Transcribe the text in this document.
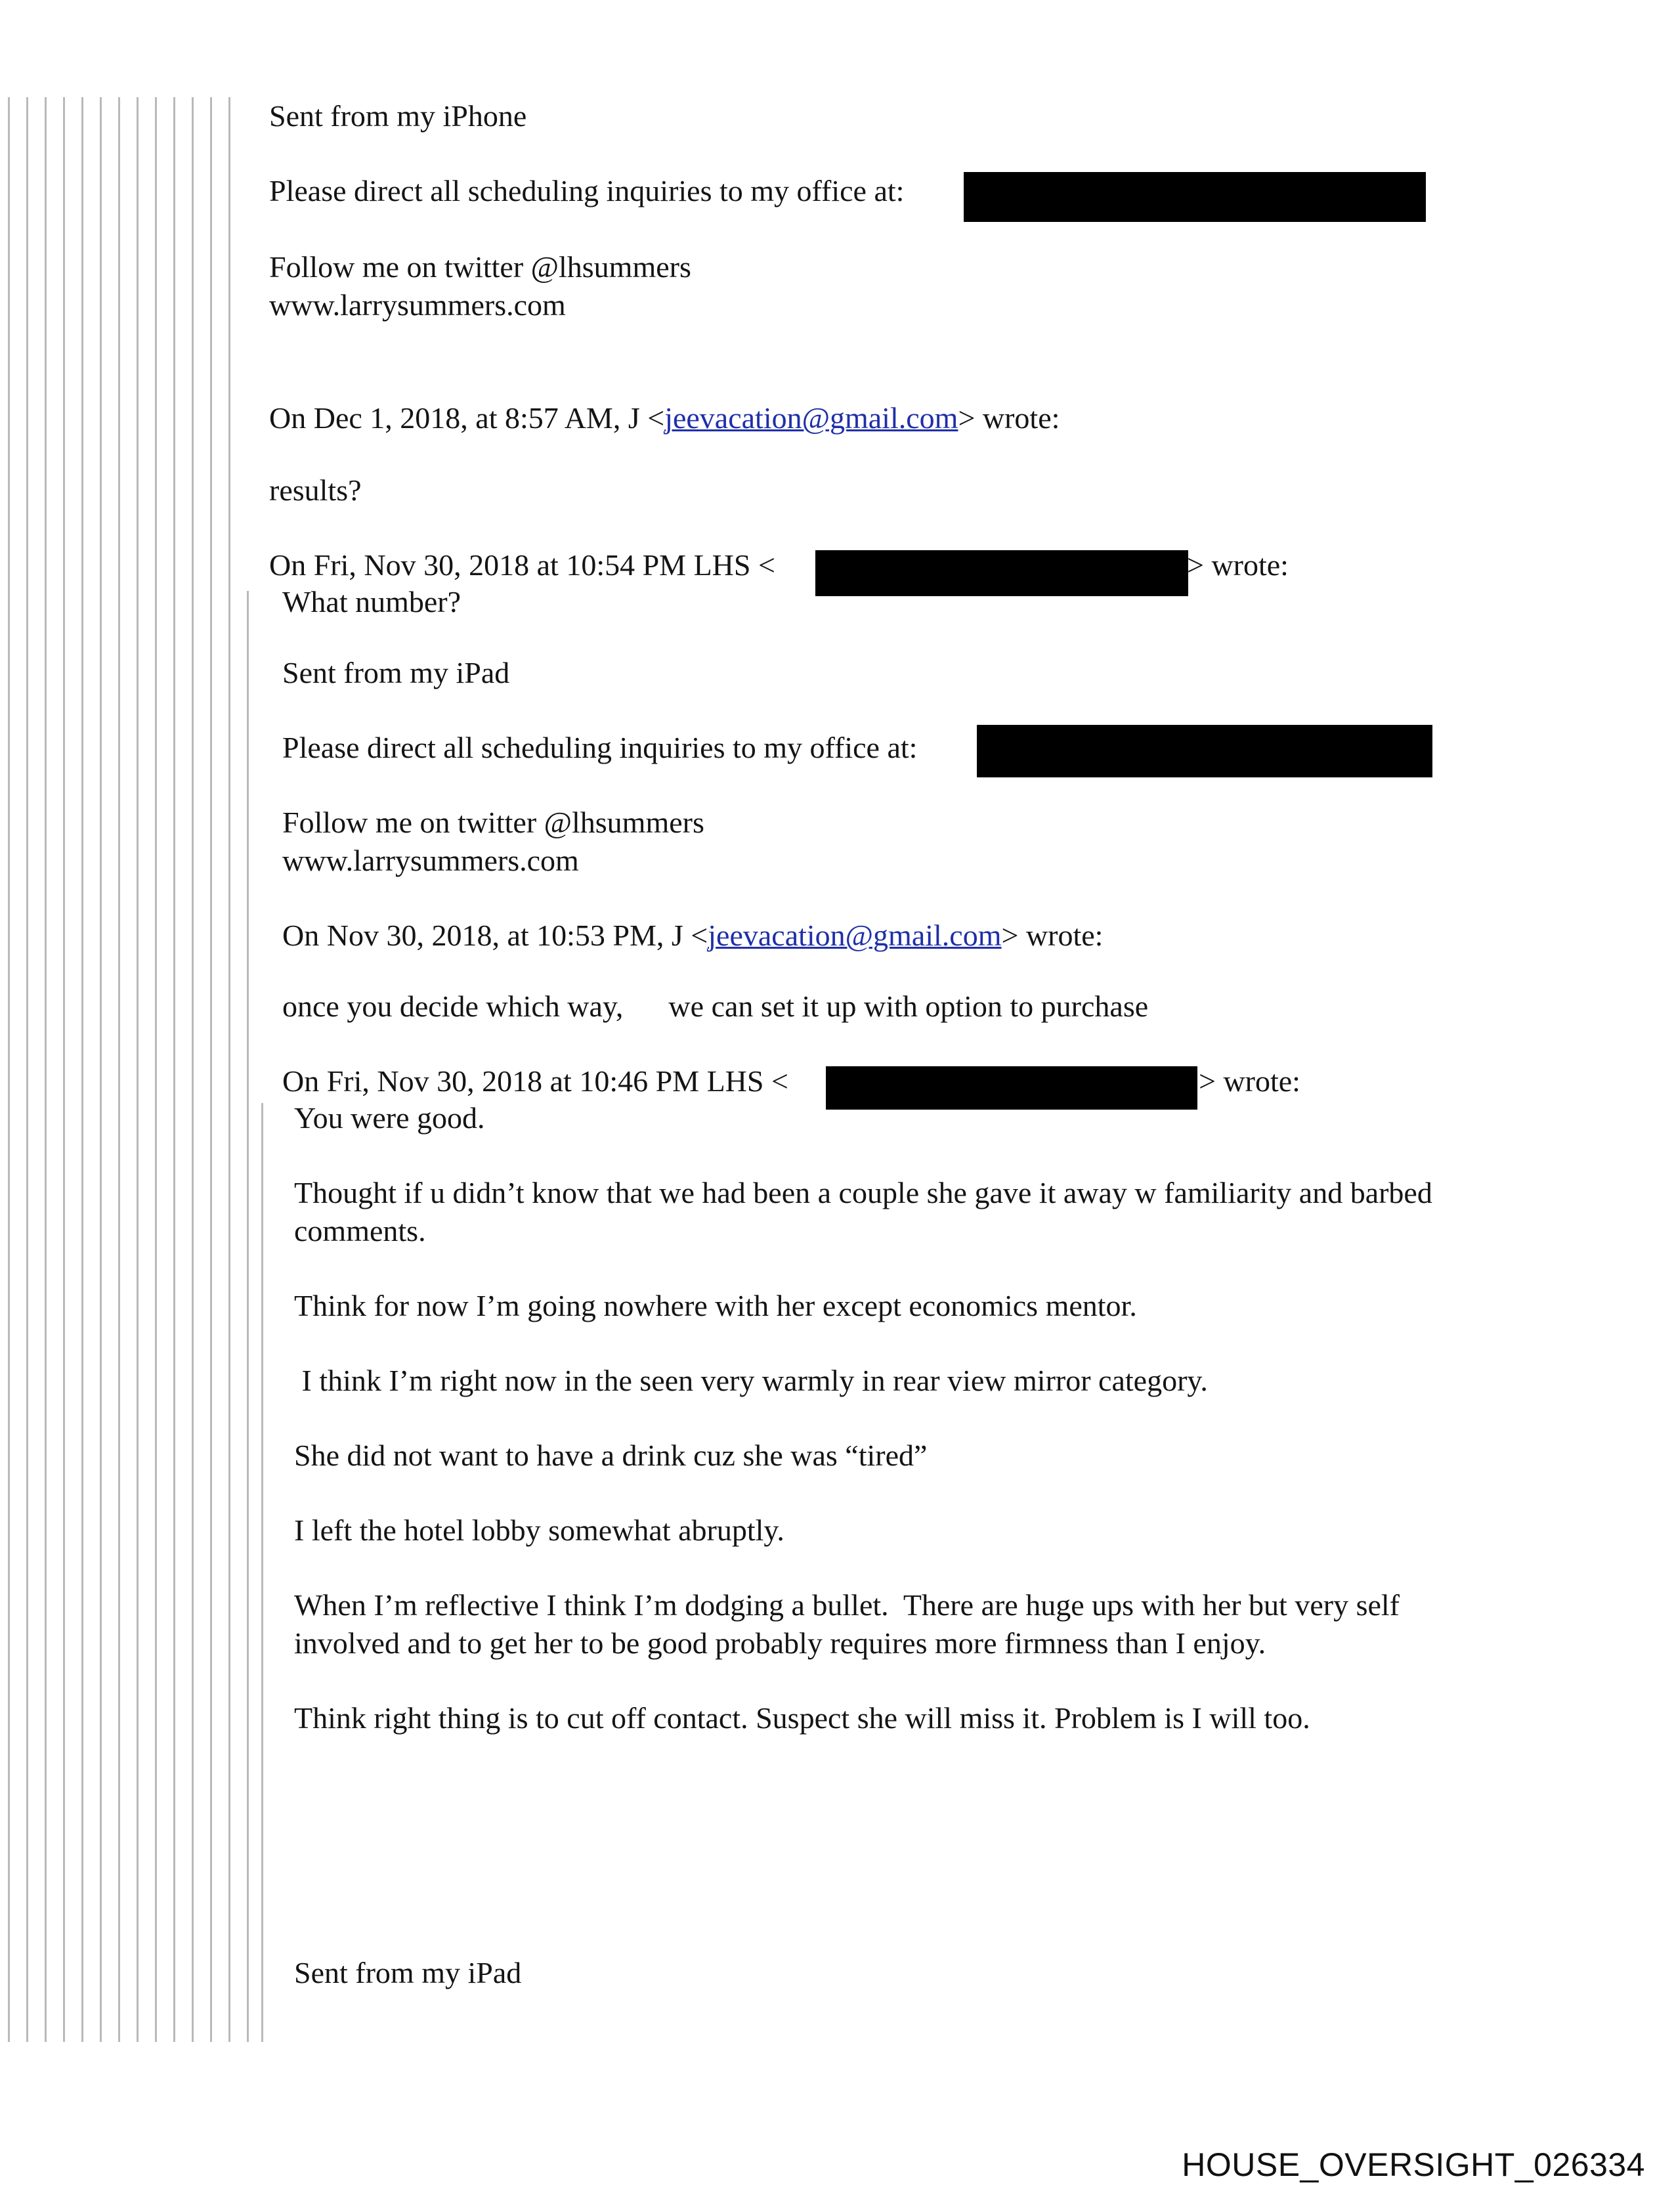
Sent from my iPhone

Please direct all scheduling inquiries to my office at:

Follow me on twitter @lhsummers

www.larrysummers.com

On Dec 1, 2018, at 8:57 AM, J <jeevacation@gmail.com> wrote:

results?

On Fri, Nov 30, 2018 at 10:54 PM LHS <	> wrote:

What number?

Sent from my iPad

Please direct all scheduling inquiries to my office at:

Follow me on twitter @lhsummers

www.larrysummers.com

On Nov 30, 2018, at 10:53 PM, J <jeevacation@gmail.com> wrote:

once you decide which way,      we can set it up with option to purchase

On Fri, Nov 30, 2018 at 10:46 PM LHS <	> wrote:

You were good.

Thought if u didn’t know that we had been a couple she gave it away w familiarity and barbed

comments.

Think for now I’m going nowhere with her except economics mentor.

I think I’m right now in the seen very warmly in rear view mirror category.

She did not want to have a drink cuz she was “tired”

I left the hotel lobby somewhat abruptly.

When I’m reflective I think I’m dodging a bullet.  There are huge ups with her but very self

involved and to get her to be good probably requires more firmness than I enjoy.

Think right thing is to cut off contact. Suspect she will miss it. Problem is I will too.

Sent from my iPad

HOUSE_OVERSIGHT_026334
